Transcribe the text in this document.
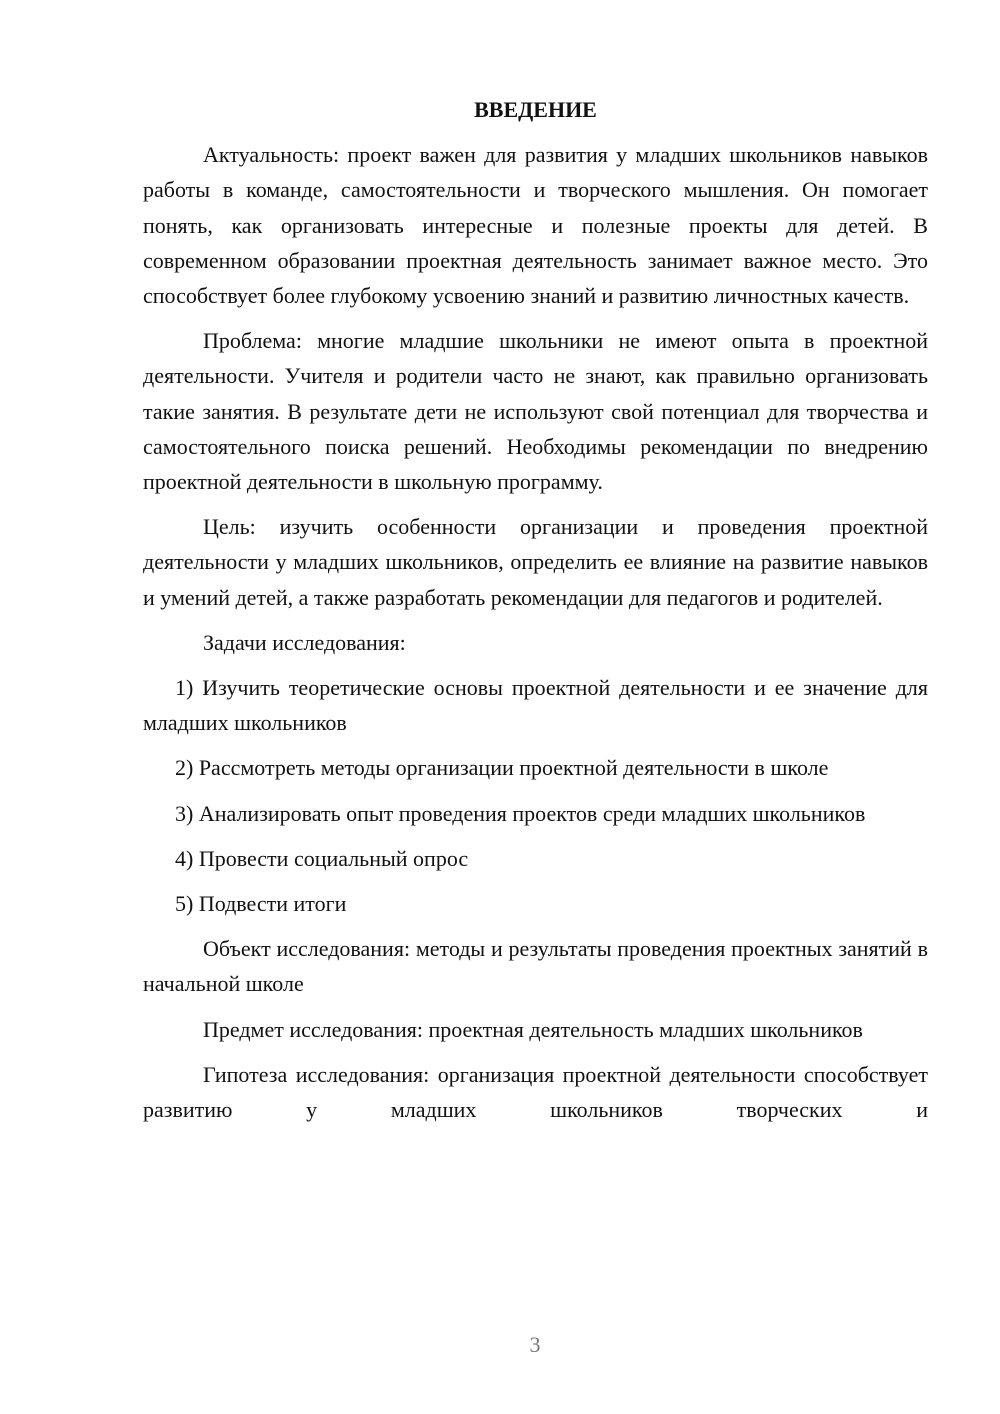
ВВЕДЕНИЕ

Актуальность: проект важен для развития у младших школьников навыков работы в команде, самостоятельности и творческого мышления. Он помогает понять, как организовать интересные и полезные проекты для детей. В современном образовании проектная деятельность занимает важное место. Это способствует более глубокому усвоению знаний и развитию личностных качеств.

Проблема: многие младшие школьники не имеют опыта в проектной деятельности. Учителя и родители часто не знают, как правильно организовать такие занятия. В результате дети не используют свой потенциал для творчества и самостоятельного поиска решений. Необходимы рекомендации по внедрению проектной деятельности в школьную программу.

Цель: изучить особенности организации и проведения проектной деятельности у младших школьников, определить ее влияние на развитие навыков и умений детей, а также разработать рекомендации для педагогов и родителей.

Задачи исследования:

1) Изучить теоретические основы проектной деятельности и ее значение для младших школьников

2) Рассмотреть методы организации проектной деятельности в школе

3) Анализировать опыт проведения проектов среди младших школьников

4) Провести социальный опрос

5) Подвести итоги

Объект исследования: методы и результаты проведения проектных занятий в начальной школе

Предмет исследования: проектная деятельность младших школьников

Гипотеза исследования: организация проектной деятельности способствует развитию у младших школьников творческих и

3
